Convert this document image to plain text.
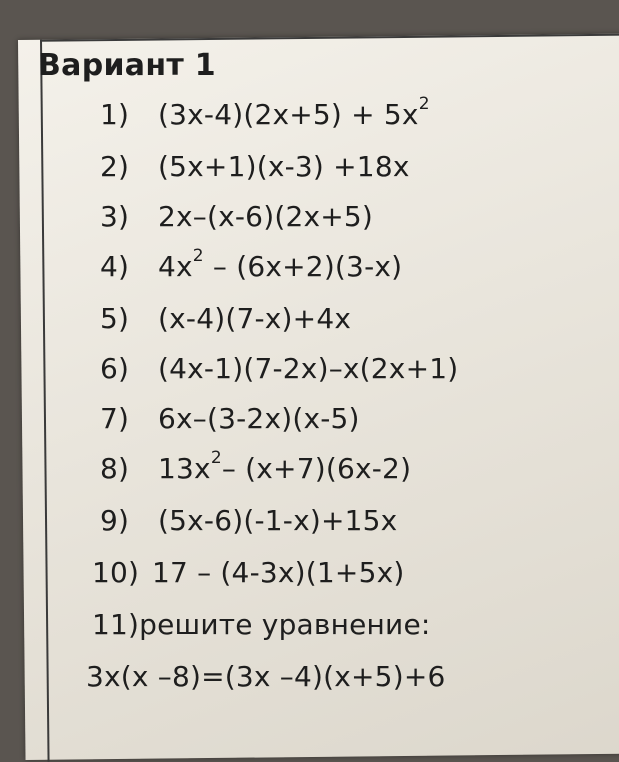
Вариант 1
1) $(3x-4)(2x+5) + 5x^2$
2) (5x+1)(x-3) +18x
3) 2x–(x-6)(2x+5)
4) $4x^2 - (6x+2)(3-x)$
5) (x-4)(7-x)+4x
6) (4x-1)(7-2x)–x(2x+1)
7) 6x–(3-2x)(x-5)
8) $13x^2-$ (x+7)(6x-2)
9) (5x-6)(-1-x)+15x
10) 17 – (4-3x)(1+5x)
11)решите уравнение:
3x(x –8)=(3x –4)(x+5)+6
